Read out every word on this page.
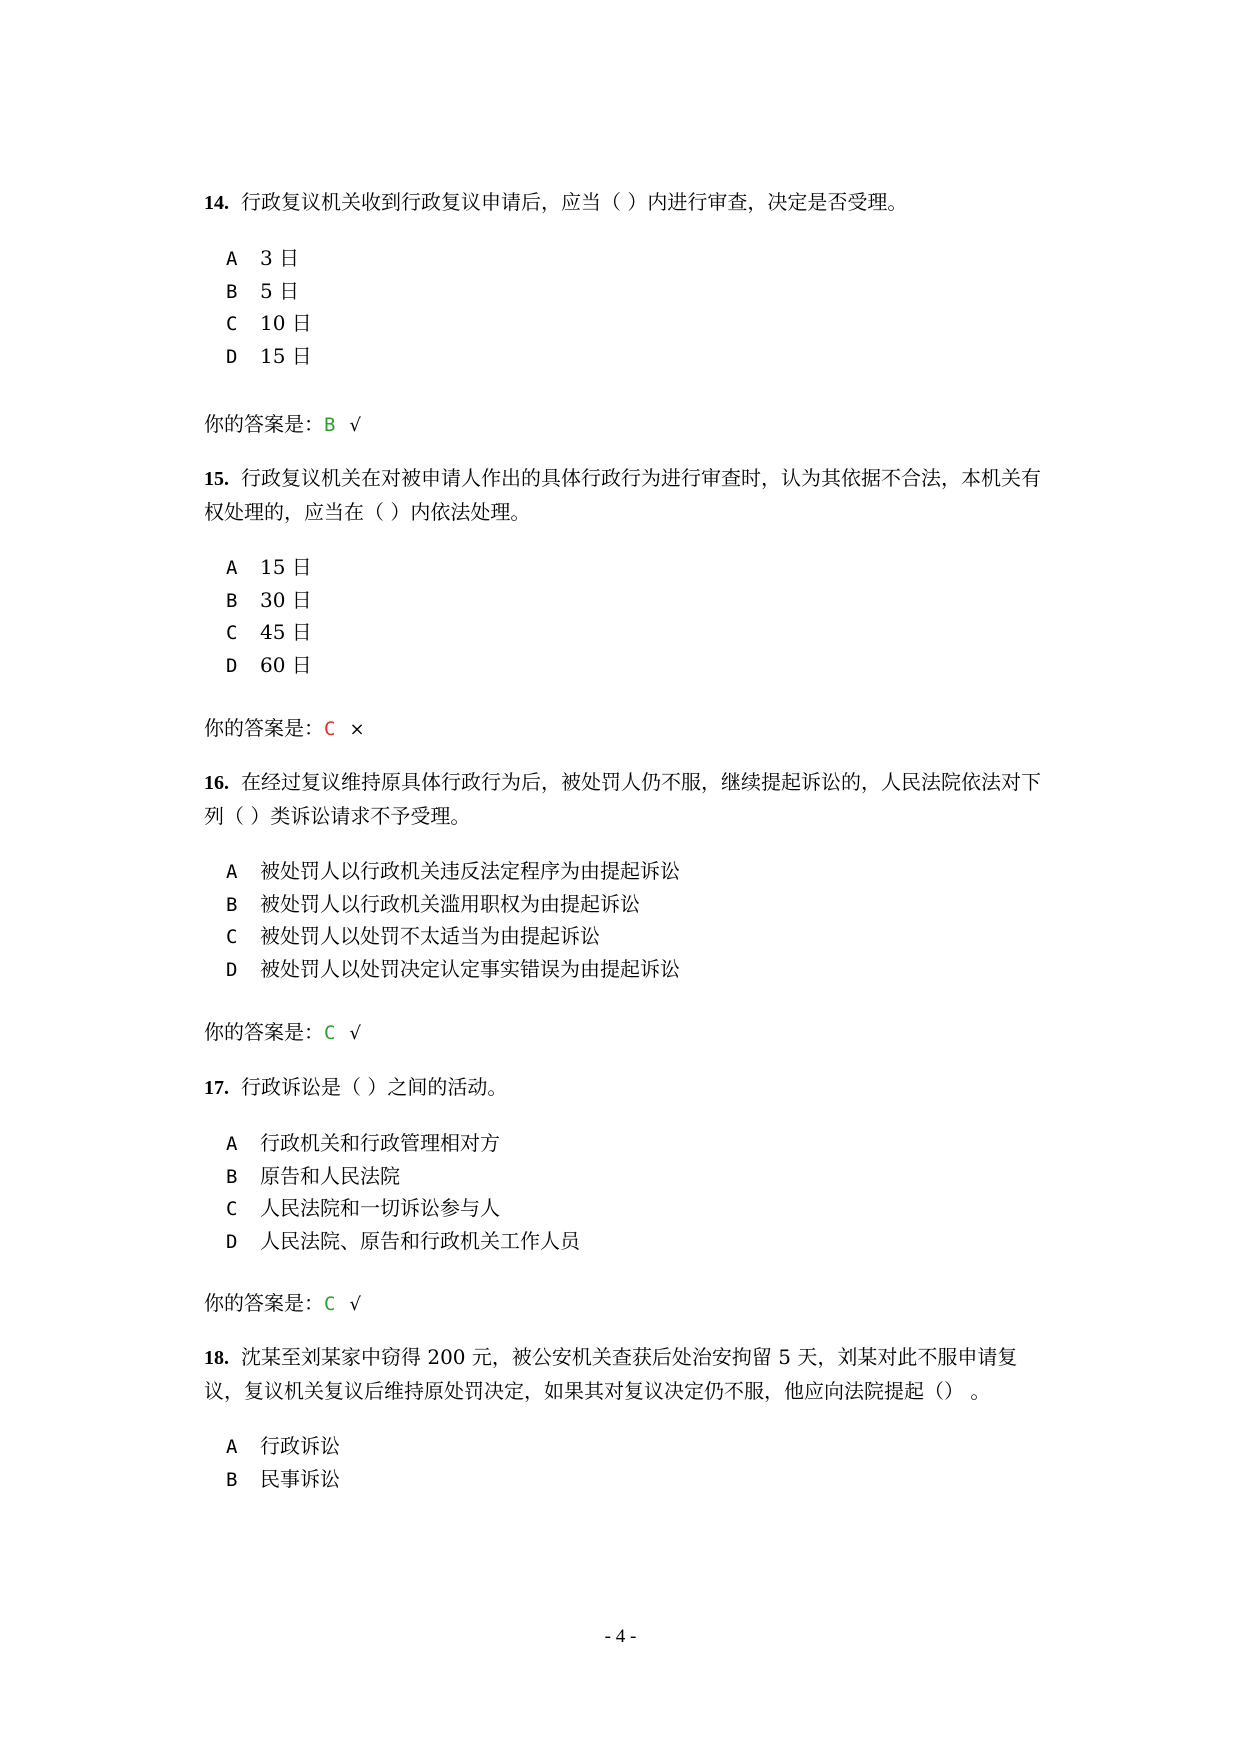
14. 行政复议机关收到行政复议申请后，应当（ ）内进行审查，决定是否受理。

A 3 日
B 5 日
C 10 日
D 15 日
你的答案是：B √

15. 行政复议机关在对被申请人作出的具体行政行为进行审查时，认为其依据不合法，本机关有权处理的，应当在（ ）内依法处理。

A 15 日
B 30 日
C 45 日
D 60 日
你的答案是：C ×

16. 在经过复议维持原具体行政行为后，被处罚人仍不服，继续提起诉讼的，人民法院依法对下列（ ）类诉讼请求不予受理。

A 被处罚人以行政机关违反法定程序为由提起诉讼
B 被处罚人以行政机关滥用职权为由提起诉讼
C 被处罚人以处罚不太适当为由提起诉讼
D 被处罚人以处罚决定认定事实错误为由提起诉讼
你的答案是：C √

17. 行政诉讼是（ ）之间的活动。

A 行政机关和行政管理相对方
B 原告和人民法院
C 人民法院和一切诉讼参与人
D 人民法院、原告和行政机关工作人员
你的答案是：C √

18. 沈某至刘某家中窃得 200 元，被公安机关查获后处治安拘留 5 天，刘某对此不服申请复议，复议机关复议后维持原处罚决定，如果其对复议决定仍不服，他应向法院提起（） 。

A 行政诉讼
B 民事诉讼
- 4 -
